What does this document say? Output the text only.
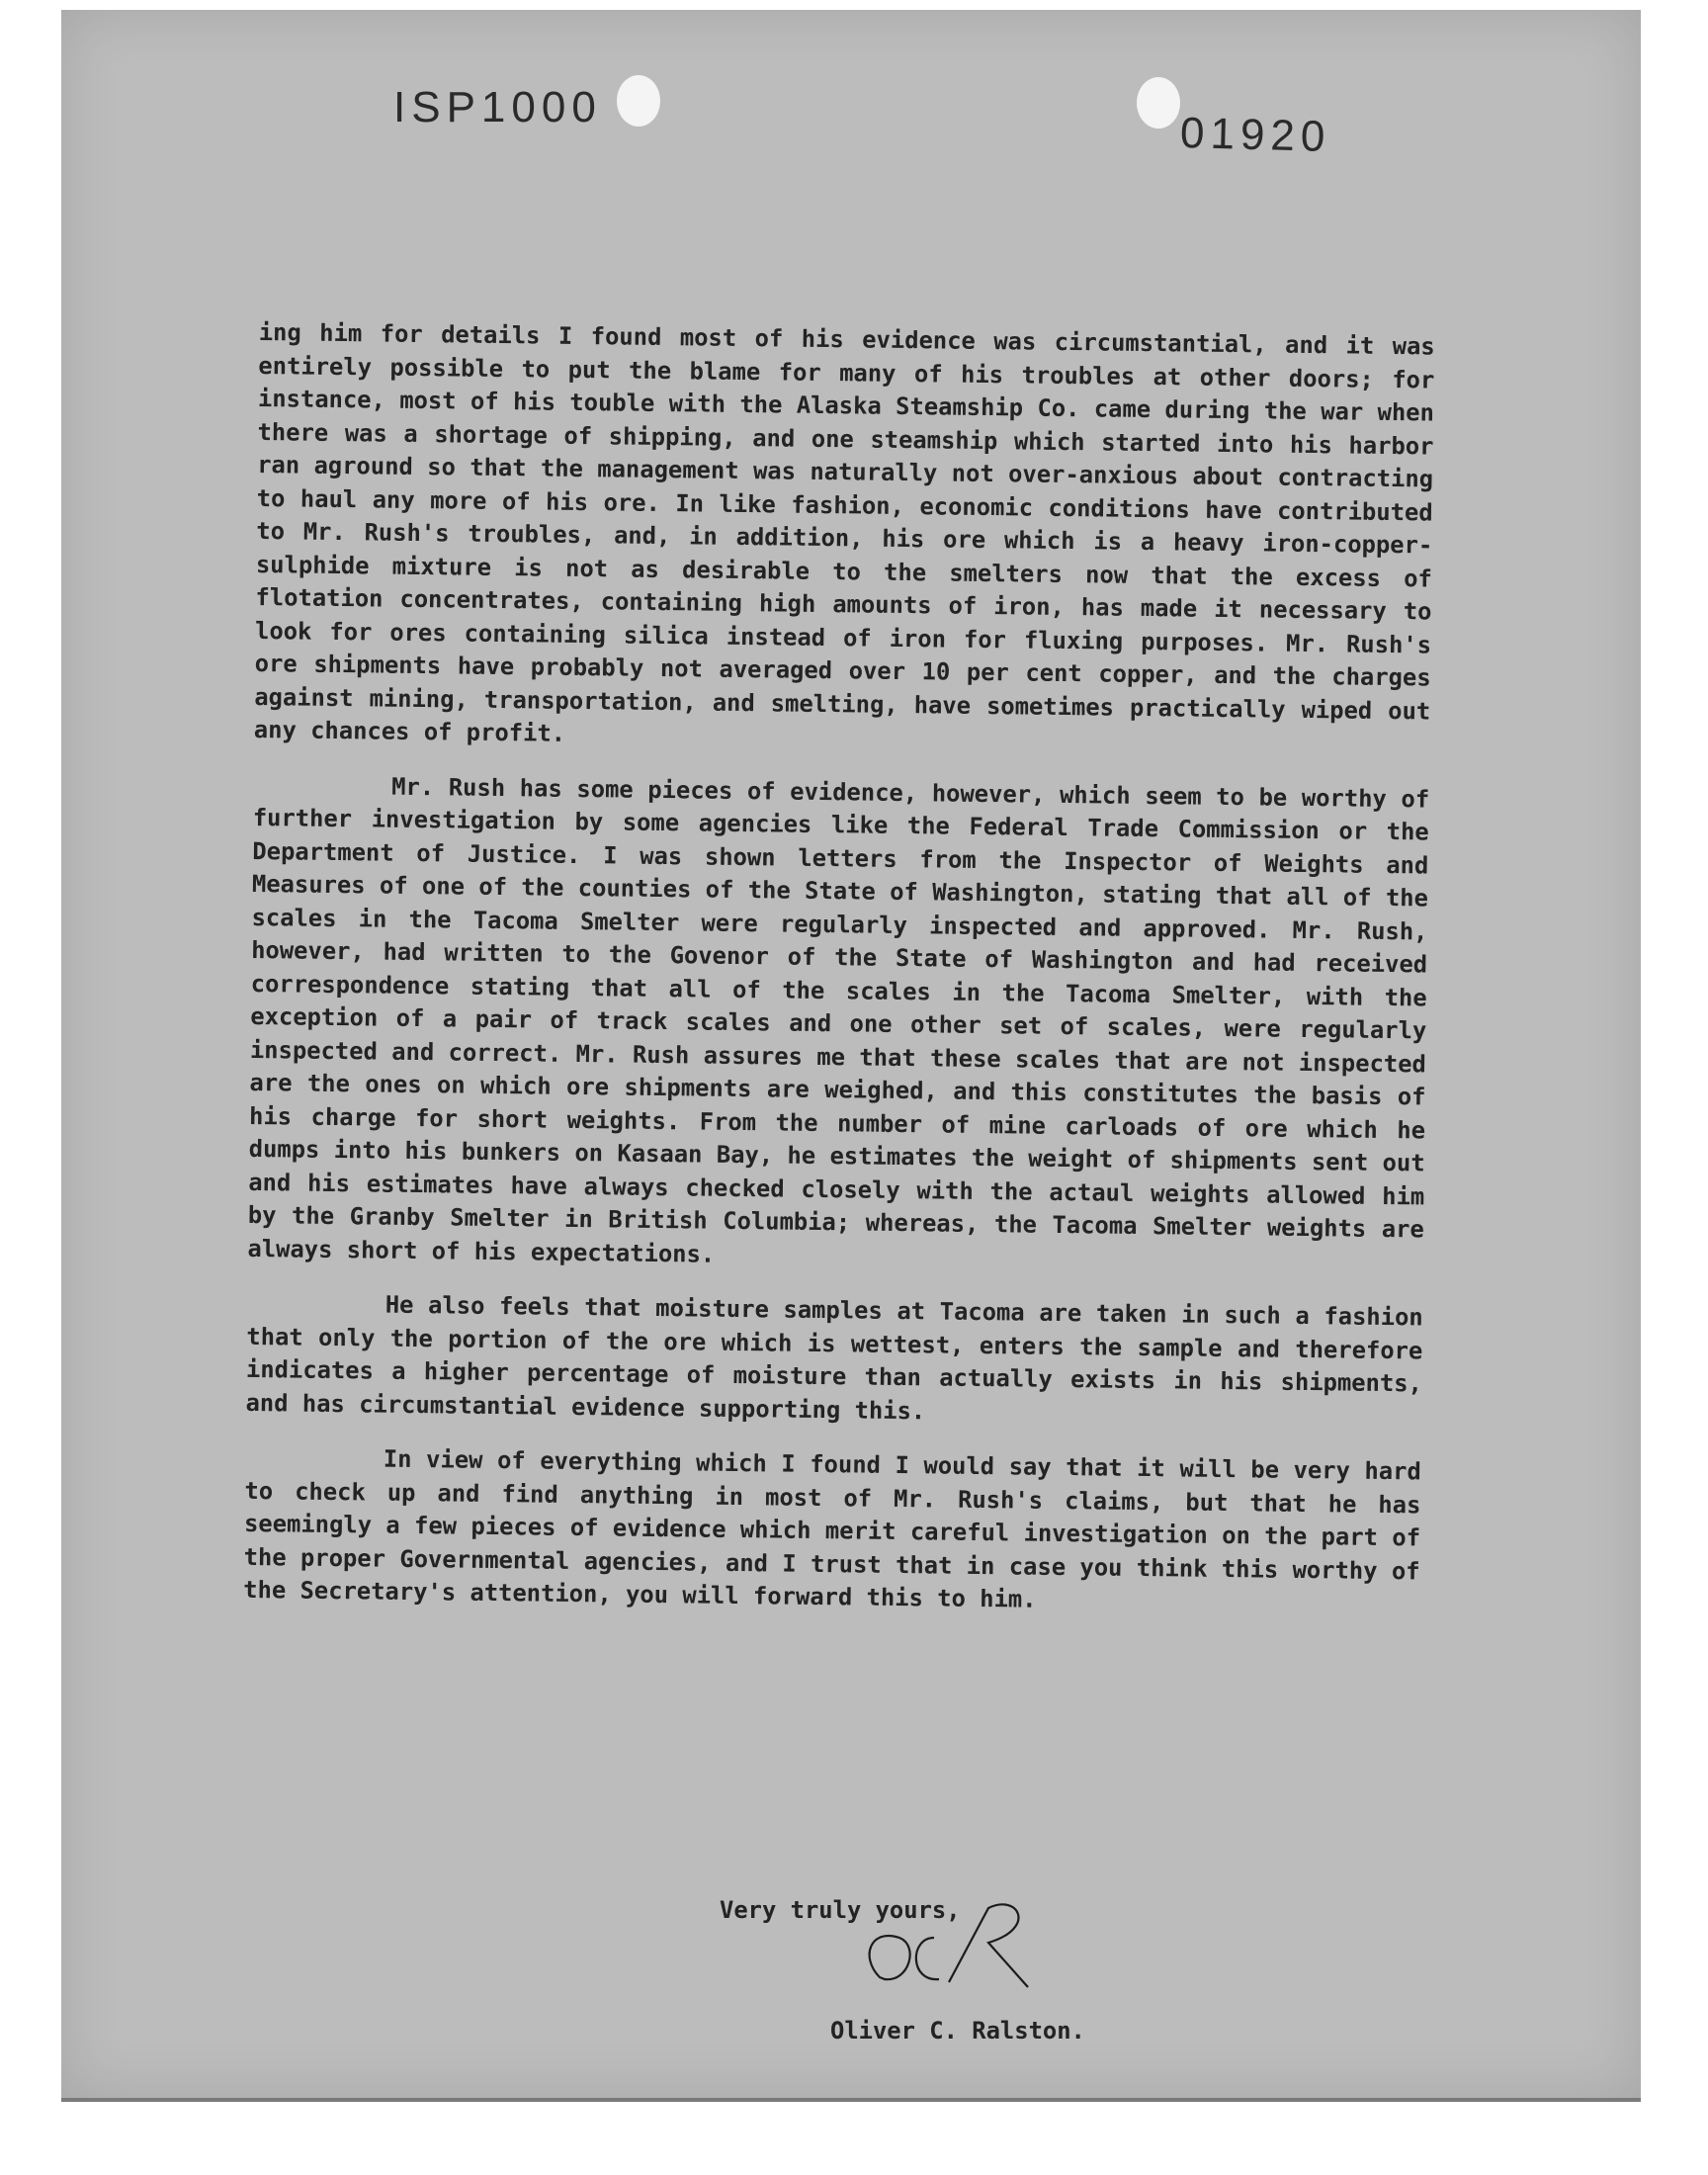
ISP1000
01920

ing him for details I found most of his evidence was circumstantial, and it was entirely possible to put the blame for many of his troubles at other doors; for instance, most of his touble with the Alaska Steamship Co. came during the war when there was a shortage of shipping, and one steamship which started into his harbor ran aground so that the management was naturally not over-anxious about contracting to haul any more of his ore. In like fashion, economic conditions have contributed to Mr. Rush's troubles, and, in addition, his ore which is a heavy iron-copper-sulphide mixture is not as desirable to the smelters now that the excess of flotation concentrates, containing high amounts of iron, has made it necessary to look for ores containing silica instead of iron for fluxing purposes. Mr. Rush's ore shipments have probably not averaged over 10 per cent copper, and the charges against mining, transportation, and smelting, have sometimes practically wiped out any chances of profit.

Mr. Rush has some pieces of evidence, however, which seem to be worthy of further investigation by some agencies like the Federal Trade Commission or the Department of Justice. I was shown letters from the Inspector of Weights and Measures of one of the counties of the State of Washington, stating that all of the scales in the Tacoma Smelter were regularly inspected and approved. Mr. Rush, however, had written to the Govenor of the State of Washington and had received correspondence stating that all of the scales in the Tacoma Smelter, with the exception of a pair of track scales and one other set of scales, were regularly inspected and correct. Mr. Rush assures me that these scales that are not inspected are the ones on which ore shipments are weighed, and this constitutes the basis of his charge for short weights. From the number of mine carloads of ore which he dumps into his bunkers on Kasaan Bay, he estimates the weight of shipments sent out and his estimates have always checked closely with the actaul weights allowed him by the Granby Smelter in British Columbia; whereas, the Tacoma Smelter weights are always short of his expectations.

He also feels that moisture samples at Tacoma are taken in such a fashion that only the portion of the ore which is wettest, enters the sample and therefore indicates a higher percentage of moisture than actually exists in his shipments, and has circumstantial evidence supporting this.

In view of everything which I found I would say that it will be very hard to check up and find anything in most of Mr. Rush's claims, but that he has seemingly a few pieces of evidence which merit careful investigation on the part of the proper Governmental agencies, and I trust that in case you think this worthy of the Secretary's attention, you will forward this to him.

Very truly yours,
Oliver C. Ralston.
